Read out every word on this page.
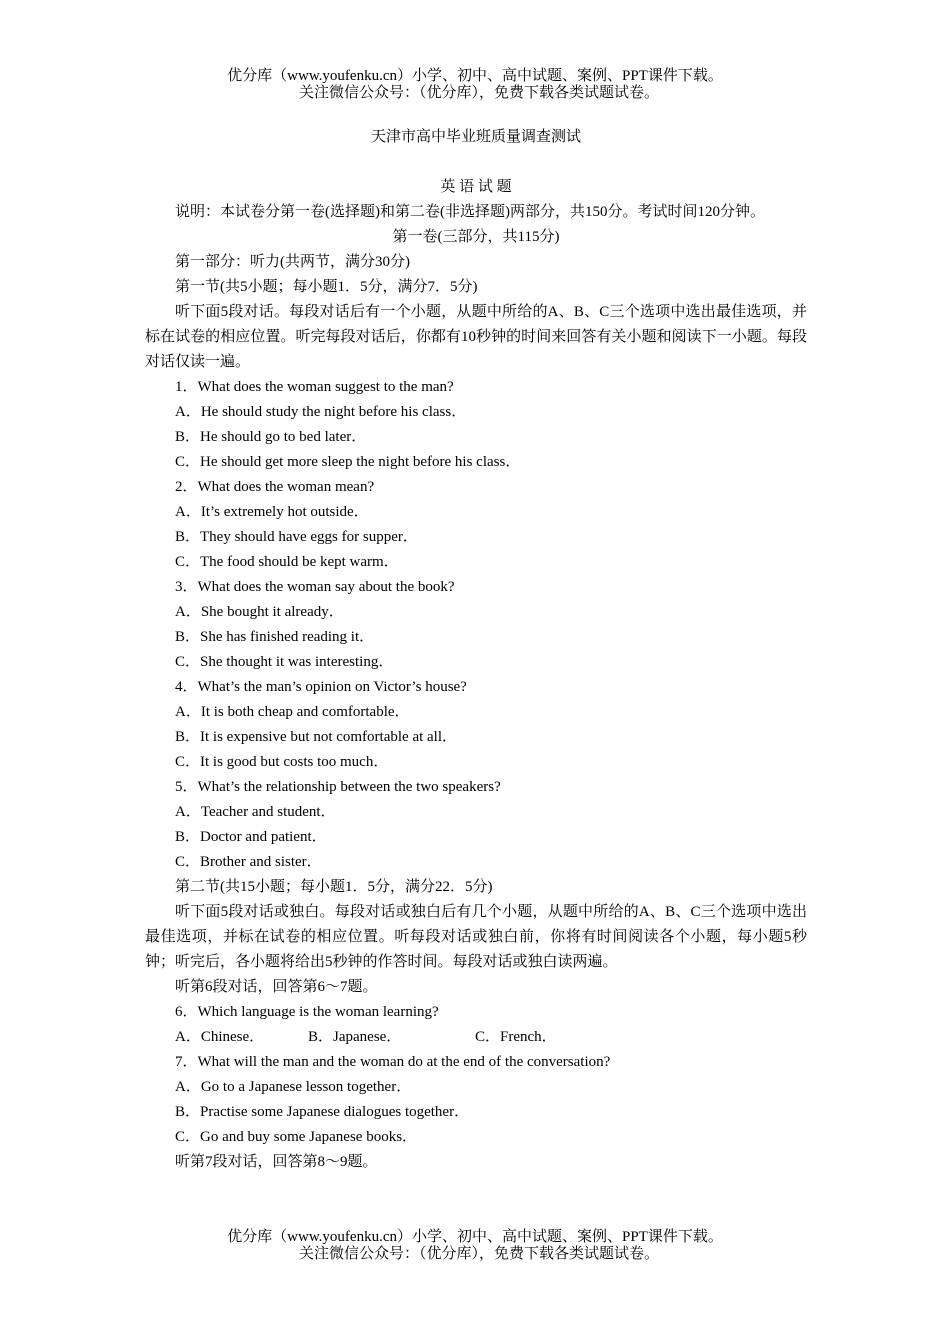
优分库（www.youfenku.cn）小学、初中、高中试题、案例、PPT课件下载。
关注微信公众号：（优分库），免费下载各类试题试卷。
天津市高中毕业班质量调查测试
英 语 试 题
说明：本试卷分第一卷(选择题)和第二卷(非选择题)两部分，共150分。考试时间120分钟。
第一卷(三部分，共115分)
第一部分：听力(共两节，满分30分)
第一节(共5小题；每小题1．5分，满分7．5分)
听下面5段对话。每段对话后有一个小题，从题中所给的A、B、C三个选项中选出最佳选项，并标在试卷的相应位置。听完每段对话后，你都有10秒钟的时间来回答有关小题和阅读下一小题。每段对话仅读一遍。
1．What does the woman suggest to the man?
A．He should study the night before his class．
B．He should go to bed later．
C．He should get more sleep the night before his class．
2．What does the woman mean?
A．It’s extremely hot outside．
B．They should have eggs for supper．
C．The food should be kept warm．
3．What does the woman say about the book?
A．She bought it already．
B．She has finished reading it．
C．She thought it was interesting．
4．What’s the man’s opinion on Victor’s house?
A．It is both cheap and comfortable．
B．It is expensive but not comfortable at all．
C．It is good but costs too much．
5．What’s the relationship between the two speakers?
A．Teacher and student．
B．Doctor and patient．
C．Brother and sister．
第二节(共15小题；每小题1．5分，满分22．5分)
听下面5段对话或独白。每段对话或独白后有几个小题，从题中所给的A、B、C三个选项中选出最佳选项，并标在试卷的相应位置。听每段对话或独白前，你将有时间阅读各个小题，每小题5秒钟；听完后，各小题将给出5秒钟的作答时间。每段对话或独白读两遍。
听第6段对话，回答第6～7题。
6．Which language is the woman learning?
A．Chinese．	B．Japanese．	C．French．
7．What will the man and the woman do at the end of the conversation?
A．Go to a Japanese lesson together．
B．Practise some Japanese dialogues together．
C．Go and buy some Japanese books．
听第7段对话，回答第8～9题。
优分库（www.youfenku.cn）小学、初中、高中试题、案例、PPT课件下载。
关注微信公众号：（优分库），免费下载各类试题试卷。
